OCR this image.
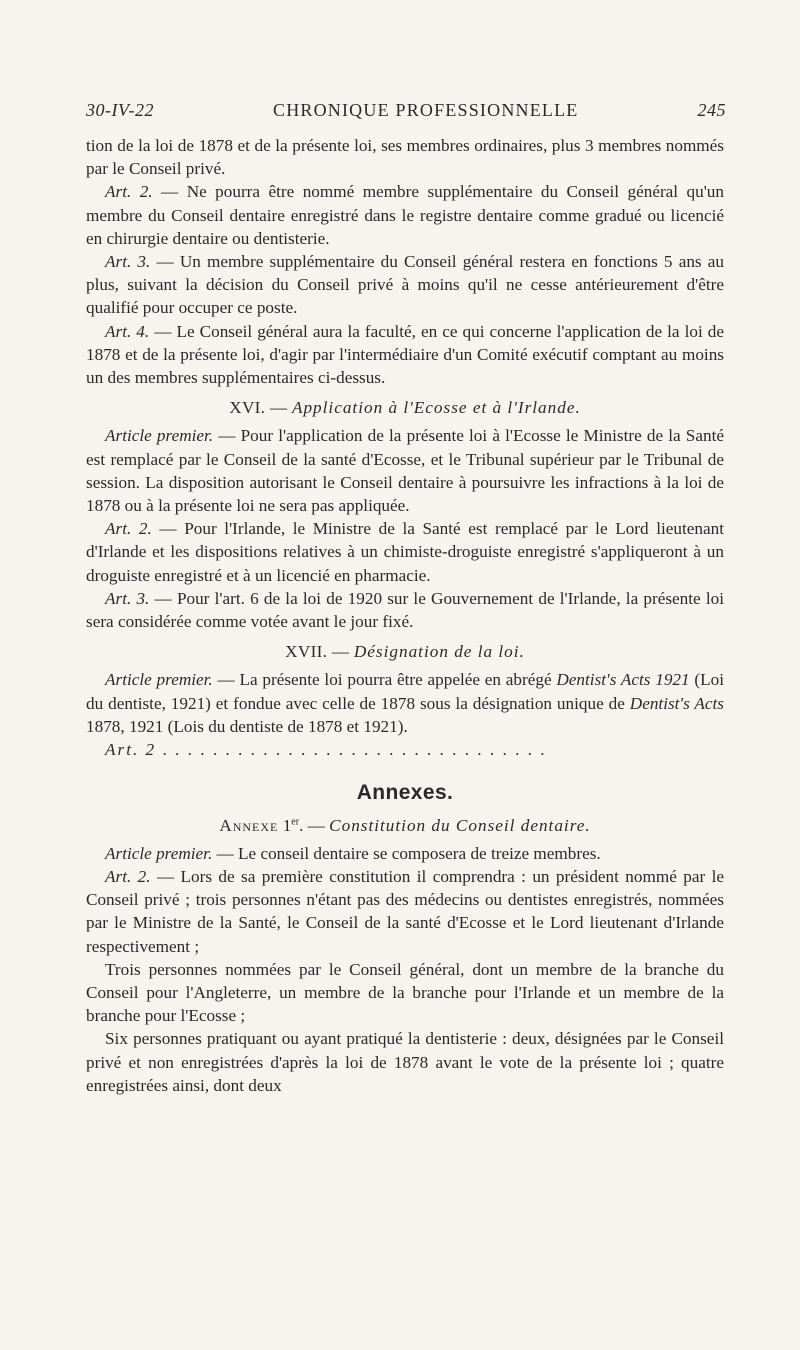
30-IV-22	CHRONIQUE PROFESSIONNELLE	245

tion de la loi de 1878 et de la présente loi, ses membres ordinaires, plus 3 membres nommés par le Conseil privé.

Art. 2. — Ne pourra être nommé membre supplémentaire du Conseil général qu'un membre du Conseil dentaire enregistré dans le registre dentaire comme gradué ou licencié en chirurgie dentaire ou dentisterie.

Art. 3. — Un membre supplémentaire du Conseil général restera en fonctions 5 ans au plus, suivant la décision du Conseil privé à moins qu'il ne cesse antérieurement d'être qualifié pour occuper ce poste.

Art. 4. — Le Conseil général aura la faculté, en ce qui concerne l'application de la loi de 1878 et de la présente loi, d'agir par l'intermédiaire d'un Comité exécutif comptant au moins un des membres supplémentaires ci-dessus.

XVI. — Application à l'Ecosse et à l'Irlande.

Article premier. — Pour l'application de la présente loi à l'Ecosse le Ministre de la Santé est remplacé par le Conseil de la santé d'Ecosse, et le Tribunal supérieur par le Tribunal de session. La disposition autorisant le Conseil dentaire à poursuivre les infractions à la loi de 1878 ou à la présente loi ne sera pas appliquée.

Art. 2. — Pour l'Irlande, le Ministre de la Santé est remplacé par le Lord lieutenant d'Irlande et les dispositions relatives à un chimiste-droguiste enregistré s'appliqueront à un droguiste enregistré et à un licencié en pharmacie.

Art. 3. — Pour l'art. 6 de la loi de 1920 sur le Gouvernement de l'Irlande, la présente loi sera considérée comme votée avant le jour fixé.

XVII. — Désignation de la loi.

Article premier. — La présente loi pourra être appelée en abrégé Dentist's Acts 1921 (Loi du dentiste, 1921) et fondue avec celle de 1878 sous la désignation unique de Dentist's Acts 1878, 1921 (Lois du dentiste de 1878 et 1921).

Art. 2 . . . . . . . . . . . . . . . . . . . . . . . . . . . . . . .

Annexes.

Annexe 1er. — Constitution du Conseil dentaire.

Article premier. — Le conseil dentaire se composera de treize membres.

Art. 2. — Lors de sa première constitution il comprendra : un président nommé par le Conseil privé ; trois personnes n'étant pas des médecins ou dentistes enregistrés, nommées par le Ministre de la Santé, le Conseil de la santé d'Ecosse et le Lord lieutenant d'Irlande respectivement ;

Trois personnes nommées par le Conseil général, dont un membre de la branche du Conseil pour l'Angleterre, un membre de la branche pour l'Irlande et un membre de la branche pour l'Ecosse ;

Six personnes pratiquant ou ayant pratiqué la dentisterie : deux, désignées par le Conseil privé et non enregistrées d'après la loi de 1878 avant le vote de la présente loi ; quatre enregistrées ainsi, dont deux
